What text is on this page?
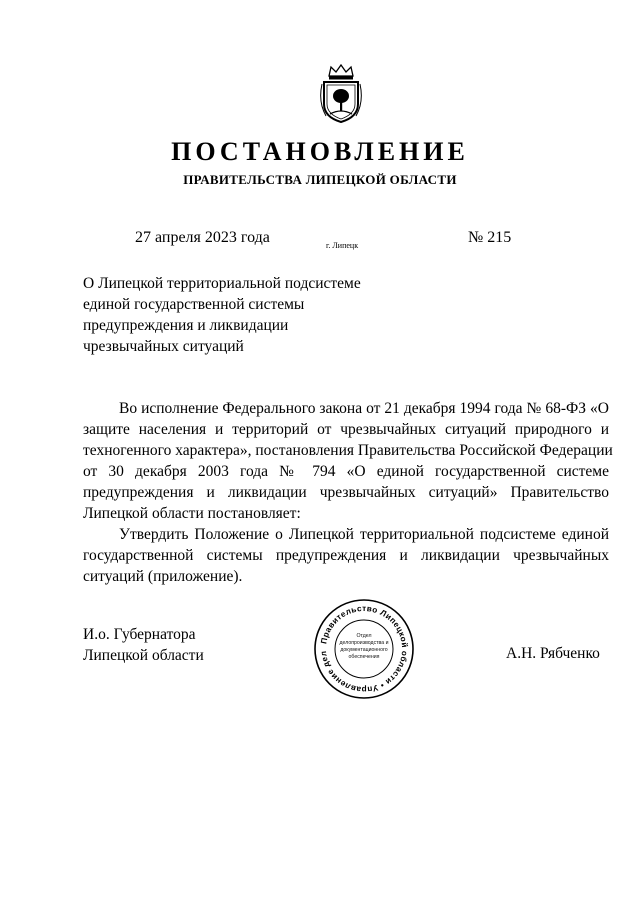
ПОСТАНОВЛЕНИЕ
ПРАВИТЕЛЬСТВА ЛИПЕЦКОЙ ОБЛАСТИ
27 апреля 2023 года	г. Липецк	№ 215
О Липецкой территориальной подсистеме
единой государственной системы
предупреждения и ликвидации
чрезвычайных ситуаций
Во исполнение Федерального закона от 21 декабря 1994 года № 68-ФЗ «О
защите населения и территорий от чрезвычайных ситуаций природного и
техногенного характера», постановления Правительства Российской Федерации
от 30 декабря 2003 года № 794 «О единой государственной системе
предупреждения и ликвидации чрезвычайных ситуаций» Правительство
Липецкой области постановляет:
Утвердить Положение о Липецкой территориальной подсистеме единой
государственной системы предупреждения и ликвидации чрезвычайных
ситуаций (приложение).
И.о. Губернатора
Липецкой области	А.Н. Рябченко
Правительство Липецкой области • Управление дел
Отдел
делопроизводства и
документационного
обеспечения
